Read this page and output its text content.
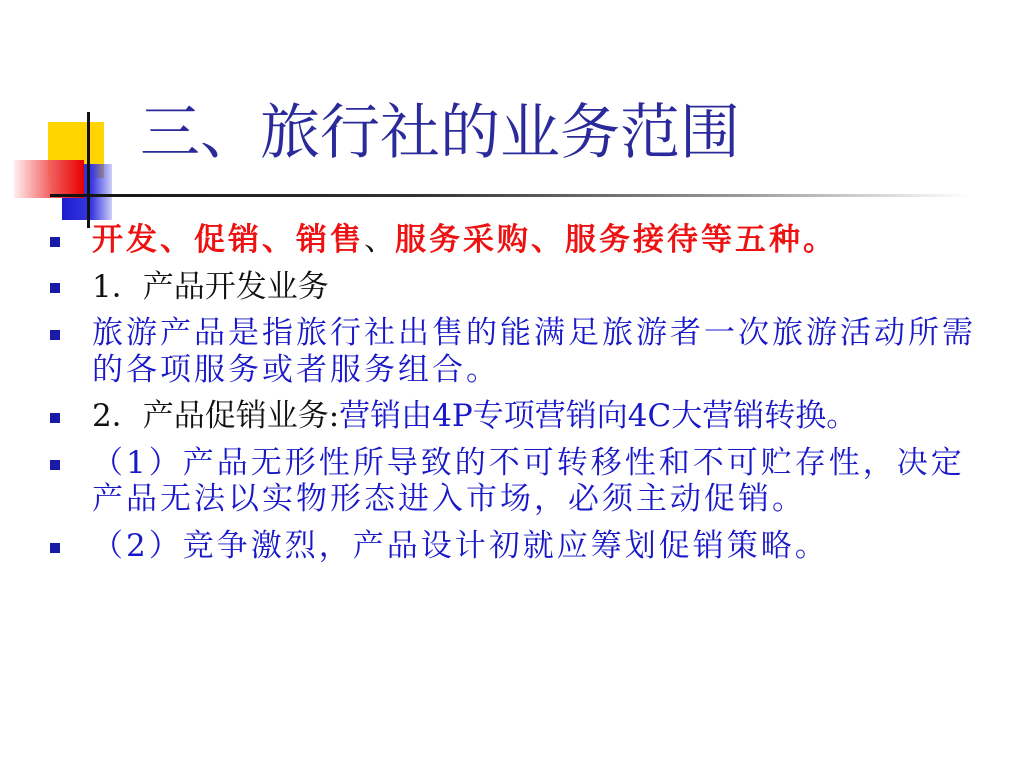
三、旅行社的业务范围
开发、促销、销售、服务采购、服务接待等五种。
1．产品开发业务
旅游产品是指旅行社出售的能满足旅游者一次旅游活动所需的各项服务或者服务组合。
2．产品促销业务:营销由4P专项营销向4C大营销转换。
（1）产品无形性所导致的不可转移性和不可贮存性，决定产品无法以实物形态进入市场，必须主动促销。
（2）竞争激烈，产品设计初就应筹划促销策略。
